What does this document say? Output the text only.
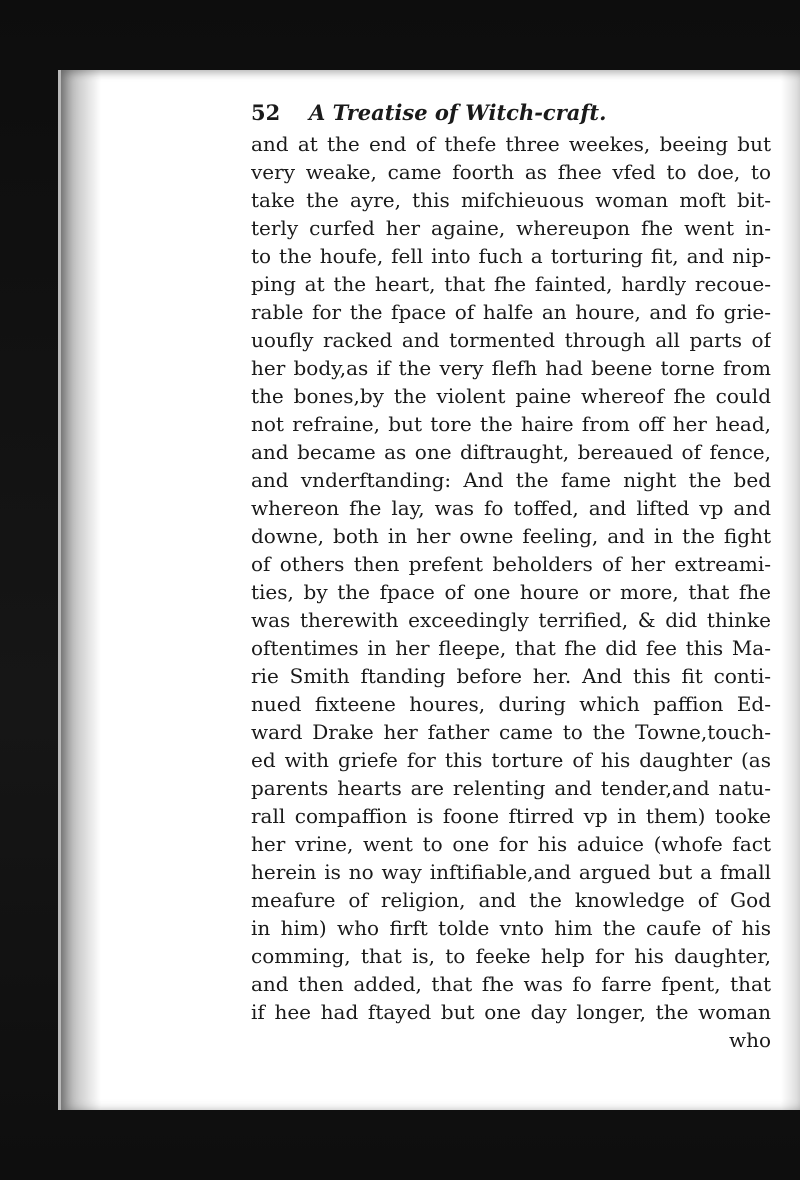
52 A Treatise of Witch-craft.
and at the end of thefe three weekes, beeing but
very weake, came foorth as fhee vfed to doe, to
take the ayre, this mifchieuous woman moft bit-
terly curfed her againe, whereupon fhe went in-
to the houfe, fell into fuch a torturing fit, and nip-
ping at the heart, that fhe fainted, hardly recoue-
rable for the fpace of halfe an houre, and fo grie-
uoufly racked and tormented through all parts of
her body,as if the very flefh had beene torne from
the bones,by the violent paine whereof fhe could
not refraine, but tore the haire from off her head,
and became as one diftraught, bereaued of fence,
and vnderftanding: And the fame night the bed
whereon fhe lay, was fo toffed, and lifted vp and
downe, both in her owne feeling, and in the fight
of others then prefent beholders of her extreami-
ties, by the fpace of one houre or more, that fhe
was therewith exceedingly terrified, & did thinke
oftentimes in her fleepe, that fhe did fee this Ma-
rie Smith ftanding before her. And this fit conti-
nued fixteene houres, during which paffion Ed-
ward Drake her father came to the Towne,touch-
ed with griefe for this torture of his daughter (as
parents hearts are relenting and tender,and natu-
rall compaffion is foone ftirred vp in them) tooke
her vrine, went to one for his aduice (whofe fact
herein is no way inftifiable,and argued but a fmall
meafure of religion, and the knowledge of God
in him) who firft tolde vnto him the caufe of his
comming, that is, to feeke help for his daughter,
and then added, that fhe was fo farre fpent, that
if hee had ftayed but one day longer, the woman
who
